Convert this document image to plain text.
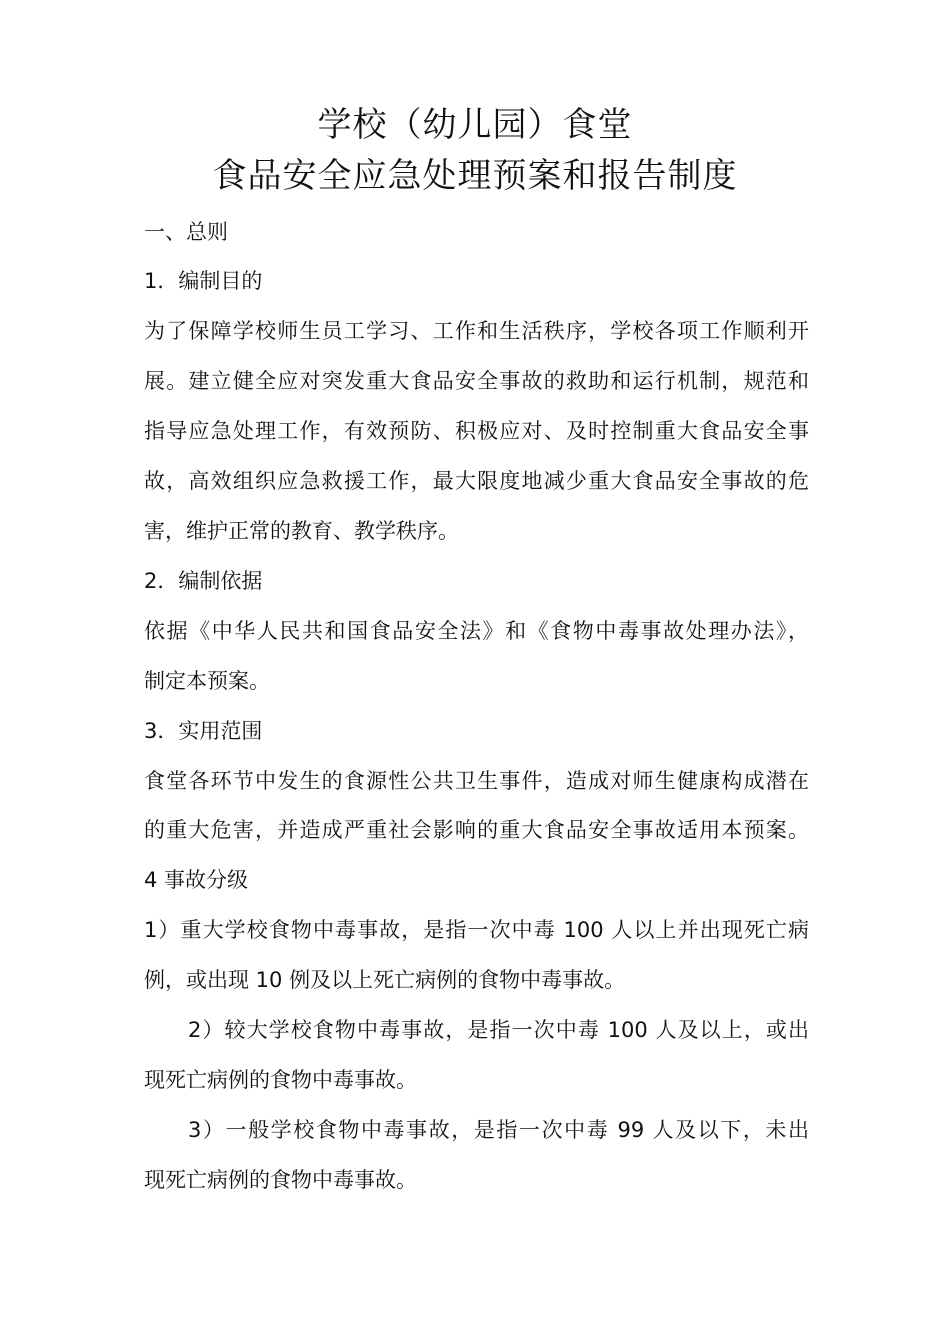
学校（幼儿园）食堂
食品安全应急处理预案和报告制度
一、总则
1．编制目的
为了保障学校师生员工学习、工作和生活秩序，学校各项工作顺利开
展。建立健全应对突发重大食品安全事故的救助和运行机制，规范和
指导应急处理工作，有效预防、积极应对、及时控制重大食品安全事
故，高效组织应急救援工作，最大限度地减少重大食品安全事故的危
害，维护正常的教育、教学秩序。
2．编制依据
依据《中华人民共和国食品安全法》和《食物中毒事故处理办法》，
制定本预案。
3．实用范围
食堂各环节中发生的食源性公共卫生事件，造成对师生健康构成潜在
的重大危害，并造成严重社会影响的重大食品安全事故适用本预案。
4 事故分级
1）重大学校食物中毒事故，是指一次中毒 100 人以上并出现死亡病
例，或出现 10 例及以上死亡病例的食物中毒事故。
2）较大学校食物中毒事故，是指一次中毒 100 人及以上，或出
现死亡病例的食物中毒事故。
3）一般学校食物中毒事故，是指一次中毒 99 人及以下，未出
现死亡病例的食物中毒事故。
